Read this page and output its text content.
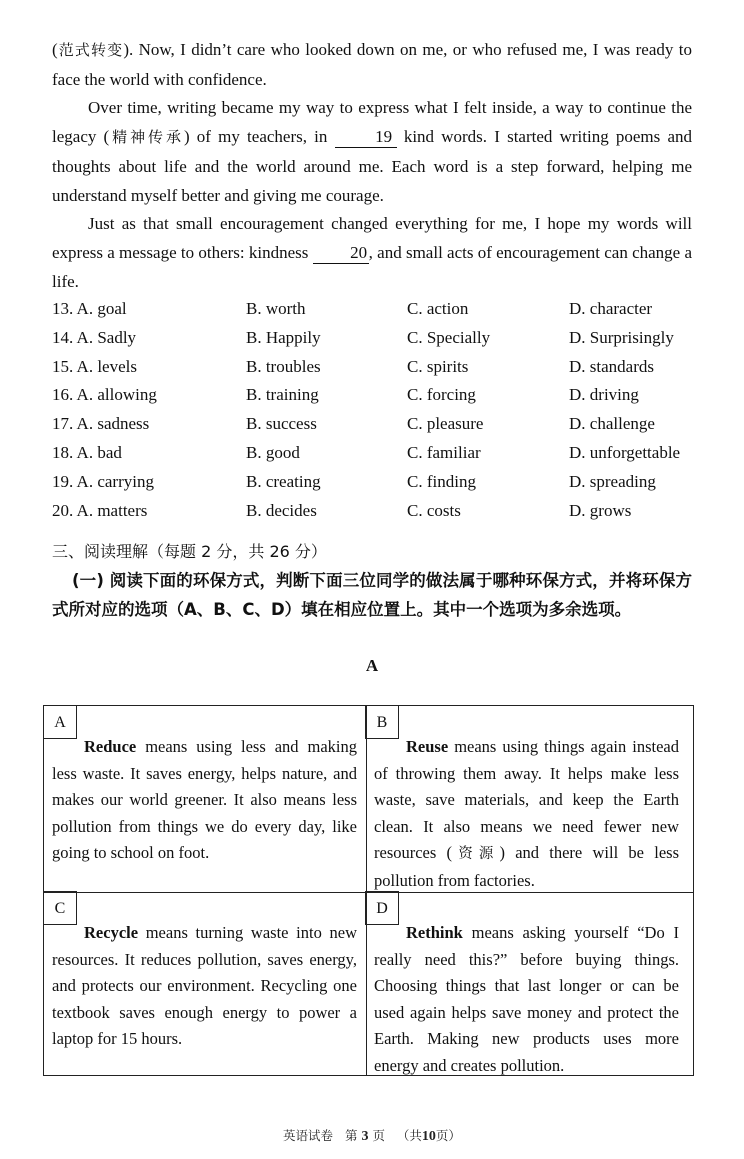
(范式转变). Now, I didn’t care who looked down on me, or who refused me, I was ready to face the world with confidence.

Over time, writing became my way to express what I felt inside, a way to continue the legacy (精神传承) of my teachers, in	19 kind words. I started writing poems and thoughts about life and the world around me. Each word is a step forward, helping me understand myself better and giving me courage.

Just as that small encouragement changed everything for me, I hope my words will express a message to others: kindness 20, and small acts of encouragement can change a life.

13. A. goal	B. worth	C. action	D. character
14. A. Sadly	B. Happily	C. Specially	D. Surprisingly
15. A. levels	B. troubles	C. spirits	D. standards
16. A. allowing	B. training	C. forcing	D. driving
17. A. sadness	B. success	C. pleasure	D. challenge
18. A. bad	B. good	C. familiar	D. unforgettable
19. A. carrying	B. creating	C. finding	D. spreading
20. A. matters	B. decides	C. costs	D. grows

三、阅读理解（每题 2 分，共 26 分）

(一) 阅读下面的环保方式，判断下面三位同学的做法属于哪种环保方式，并将环保方式所对应的选项（A、B、C、D）填在相应位置上。其中一个选项为多余选项。

A
A

Reduce means using less and making less waste. It saves energy, helps nature, and makes our world greener. It also means less pollution from things we do every day, like going to school on foot.

B

Reuse means using things again instead of throwing them away. It helps make less waste, save materials, and keep the Earth clean. It also means we need fewer new resources (资源) and there will be less pollution from factories.

C

Recycle means turning waste into new resources. It reduces pollution, saves energy, and protects our environment. Recycling one textbook saves enough energy to power a laptop for 15 hours.

D

Rethink means asking yourself “Do I really need this?” before buying things. Choosing things that last longer or can be used again helps save money and protect the Earth. Making new products uses more energy and creates pollution.

英语试卷 第 3 页 （共10页）
